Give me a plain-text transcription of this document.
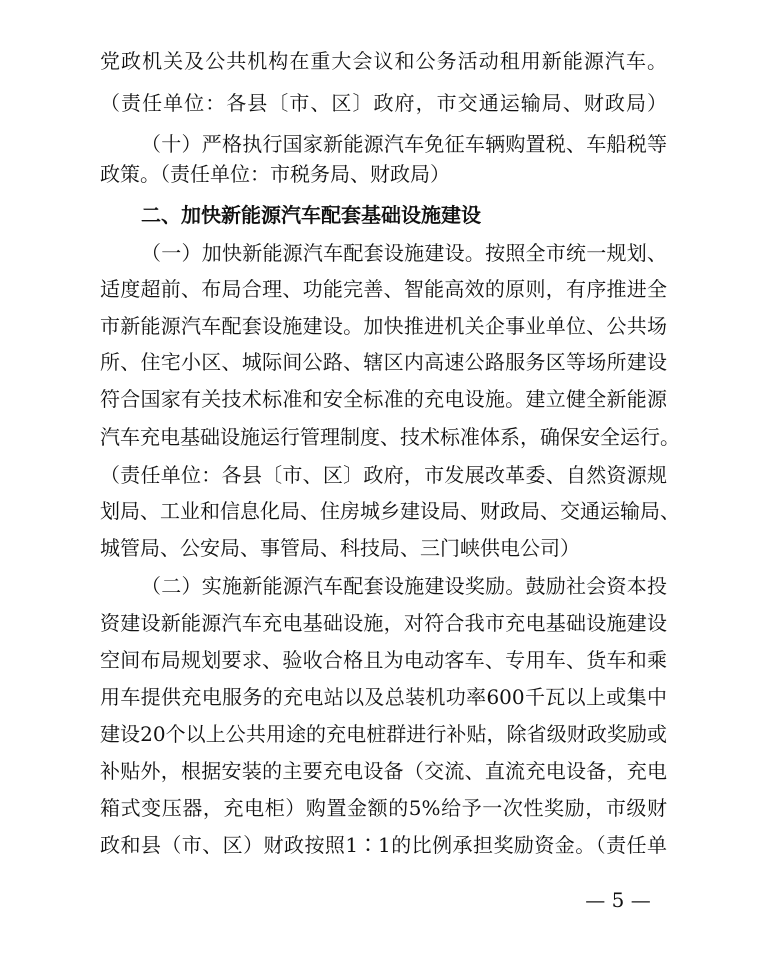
党政机关及公共机构在重大会议和公务活动租用新能源汽车。
（责任单位：各县〔市、区〕政府，市交通运输局、财政局）
（十）严格执行国家新能源汽车免征车辆购置税、车船税等
政策。（责任单位：市税务局、财政局）
二、加快新能源汽车配套基础设施建设
（一）加快新能源汽车配套设施建设。按照全市统一规划、
适度超前、布局合理、功能完善、智能高效的原则，有序推进全
市新能源汽车配套设施建设。加快推进机关企事业单位、公共场
所、住宅小区、城际间公路、辖区内高速公路服务区等场所建设
符合国家有关技术标准和安全标准的充电设施。建立健全新能源
汽车充电基础设施运行管理制度、技术标准体系，确保安全运行。
（责任单位：各县〔市、区〕政府，市发展改革委、自然资源规
划局、工业和信息化局、住房城乡建设局、财政局、交通运输局、
城管局、公安局、事管局、科技局、三门峡供电公司）
（二）实施新能源汽车配套设施建设奖励。鼓励社会资本投
资建设新能源汽车充电基础设施，对符合我市充电基础设施建设
空间布局规划要求、验收合格且为电动客车、专用车、货车和乘
用车提供充电服务的充电站以及总装机功率600千瓦以上或集中
建设20个以上公共用途的充电桩群进行补贴，除省级财政奖励或
补贴外，根据安装的主要充电设备（交流、直流充电设备，充电
箱式变压器，充电柜）购置金额的5%给予一次性奖励，市级财
政和县（市、区）财政按照1∶1的比例承担奖励资金。（责任单
— 5 —
